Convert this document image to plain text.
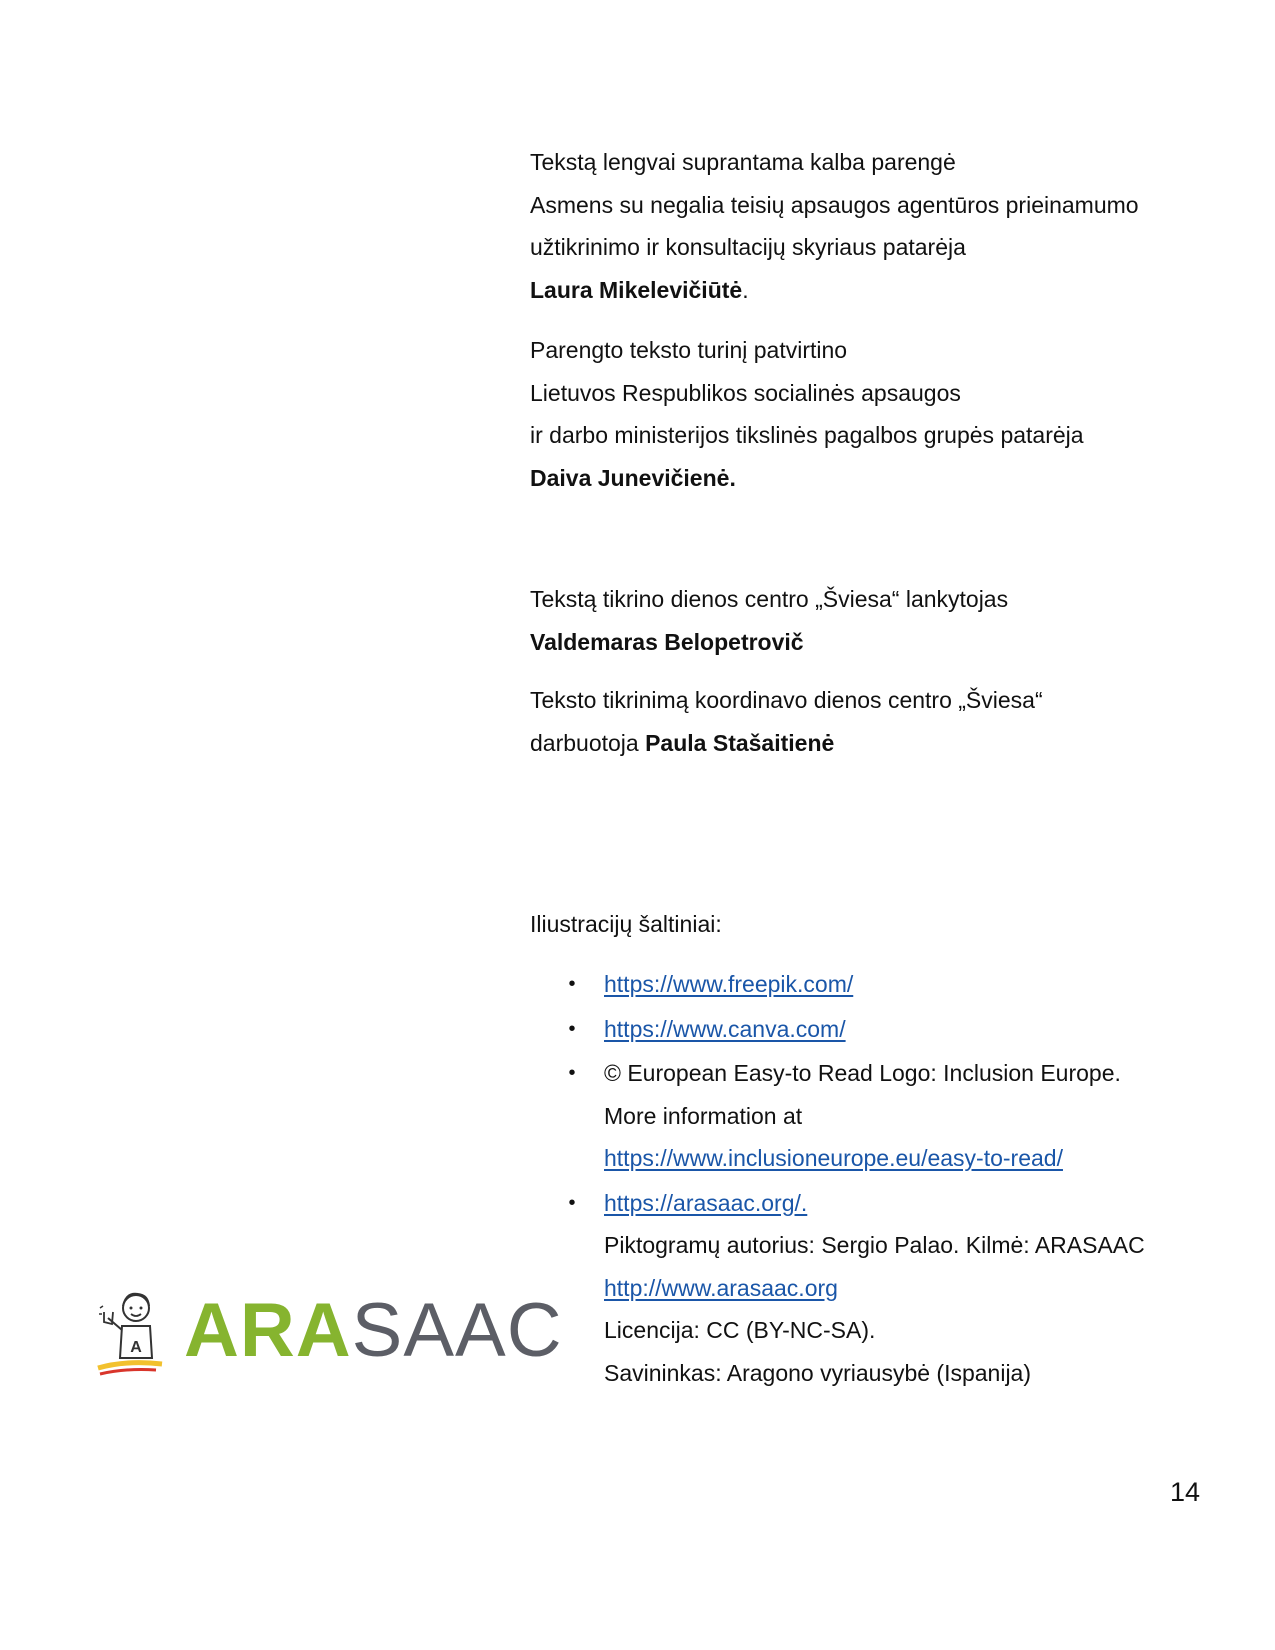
Tekstą lengvai suprantama kalba parengė
Asmens su negalia teisių apsaugos agentūros prieinamumo
užtikrinimo ir konsultacijų skyriaus patarėja
Laura Mikelevičiūtė.
Parengto teksto turinį patvirtino
Lietuvos Respublikos socialinės apsaugos
ir darbo ministerijos tikslinės pagalbos grupės patarėja
Daiva Junevičienė.
Tekstą tikrino dienos centro „Šviesa“ lankytojas
Valdemaras Belopetrovič
Teksto tikrinimą koordinavo dienos centro „Šviesa“
darbuotoja Paula Stašaitienė
Iliustracijų šaltiniai:
• https://www.freepik.com/
• https://www.canva.com/
• © European Easy-to Read Logo: Inclusion Europe.
More information at
https://www.inclusioneurope.eu/easy-to-read/
• https://arasaac.org/.
Piktogramų autorius: Sergio Palao. Kilmė: ARASAAC
http://www.arasaac.org
Licencija: CC (BY-NC-SA).
Savininkas: Aragono vyriausybė (Ispanija)
A ARASAAC
14
